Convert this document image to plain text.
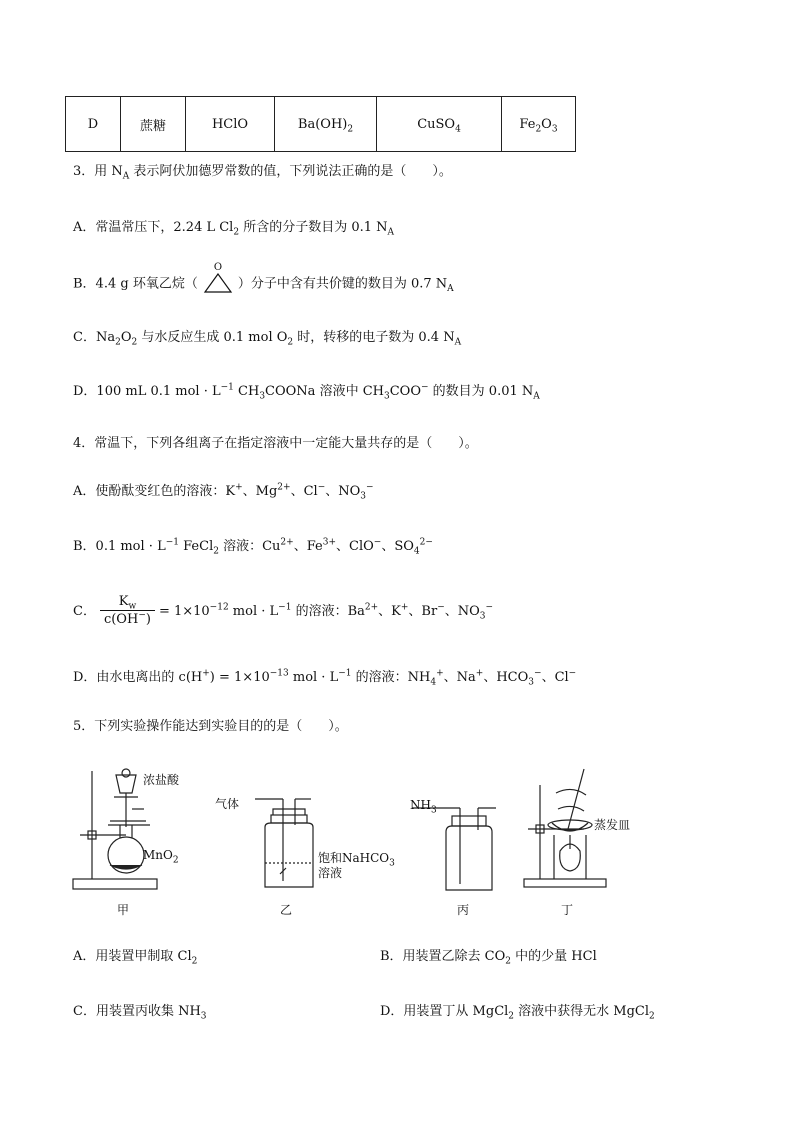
D	蔗糖	HClO	$Ba(OH)_2$	CuSO$_4$	$Fe_2O_3$
3．用 $N_A$ 表示阿伏加德罗常数的值，下列说法正确的是（　　）。
A．常温常压下，2.24 L $Cl_2$ 所含的分子数目为 0.1 $N_A$
B．4.4 g 环氧乙烷（
O
）分子中含有共价键的数目为 0.7 $N_A$
C．$Na_2O_2$ 与水反应生成 0.1 mol $O_2$ 时，转移的电子数为 0.4 $N_A$
D．100 mL 0.1 mol · $L^{-1}$ $CH_3COONa$ 溶液中 $CH_3COO^-$ 的数目为 0.01 $N_A$
4．常温下，下列各组离子在指定溶液中一定能大量共存的是（　　）。
A．使酚酞变红色的溶液：K+、$Mg^{2+}$、Cl−、$NO_3^-$
B．0.1 mol · $L^{-1}$ FeCl$_2$ 溶液：$Cu^{2+}$、$Fe^{3+}$、ClO−、$SO_4^{2-}$
C． $\frac{K_w}{c(OH^-)} = 1\times 10^{-12}$ mol · $L^{-1}$ 的溶液：$Ba^{2+}$、K+、Br−、$NO_3^-$
D．由水电离出的 $c(H^+) = 1\times 10^{-13}$ mol · $L^{-1}$ 的溶液：$NH_4^+$、Na+、$HCO_3^-$、Cl−
5．下列实验操作能达到实验目的的是（　　）。
浓盐酸
MnO$_2$
甲
气体
饱和NaHCO$_3$
溶液
乙
$NH_3$
丙
蒸发皿
丁
A．用装置甲制取 $Cl_2$	B．用装置乙除去 $CO_2$ 中的少量 HCl
C．用装置丙收集 $NH_3$	D．用装置丁从 MgCl$_2$ 溶液中获得无水 MgCl$_2$
